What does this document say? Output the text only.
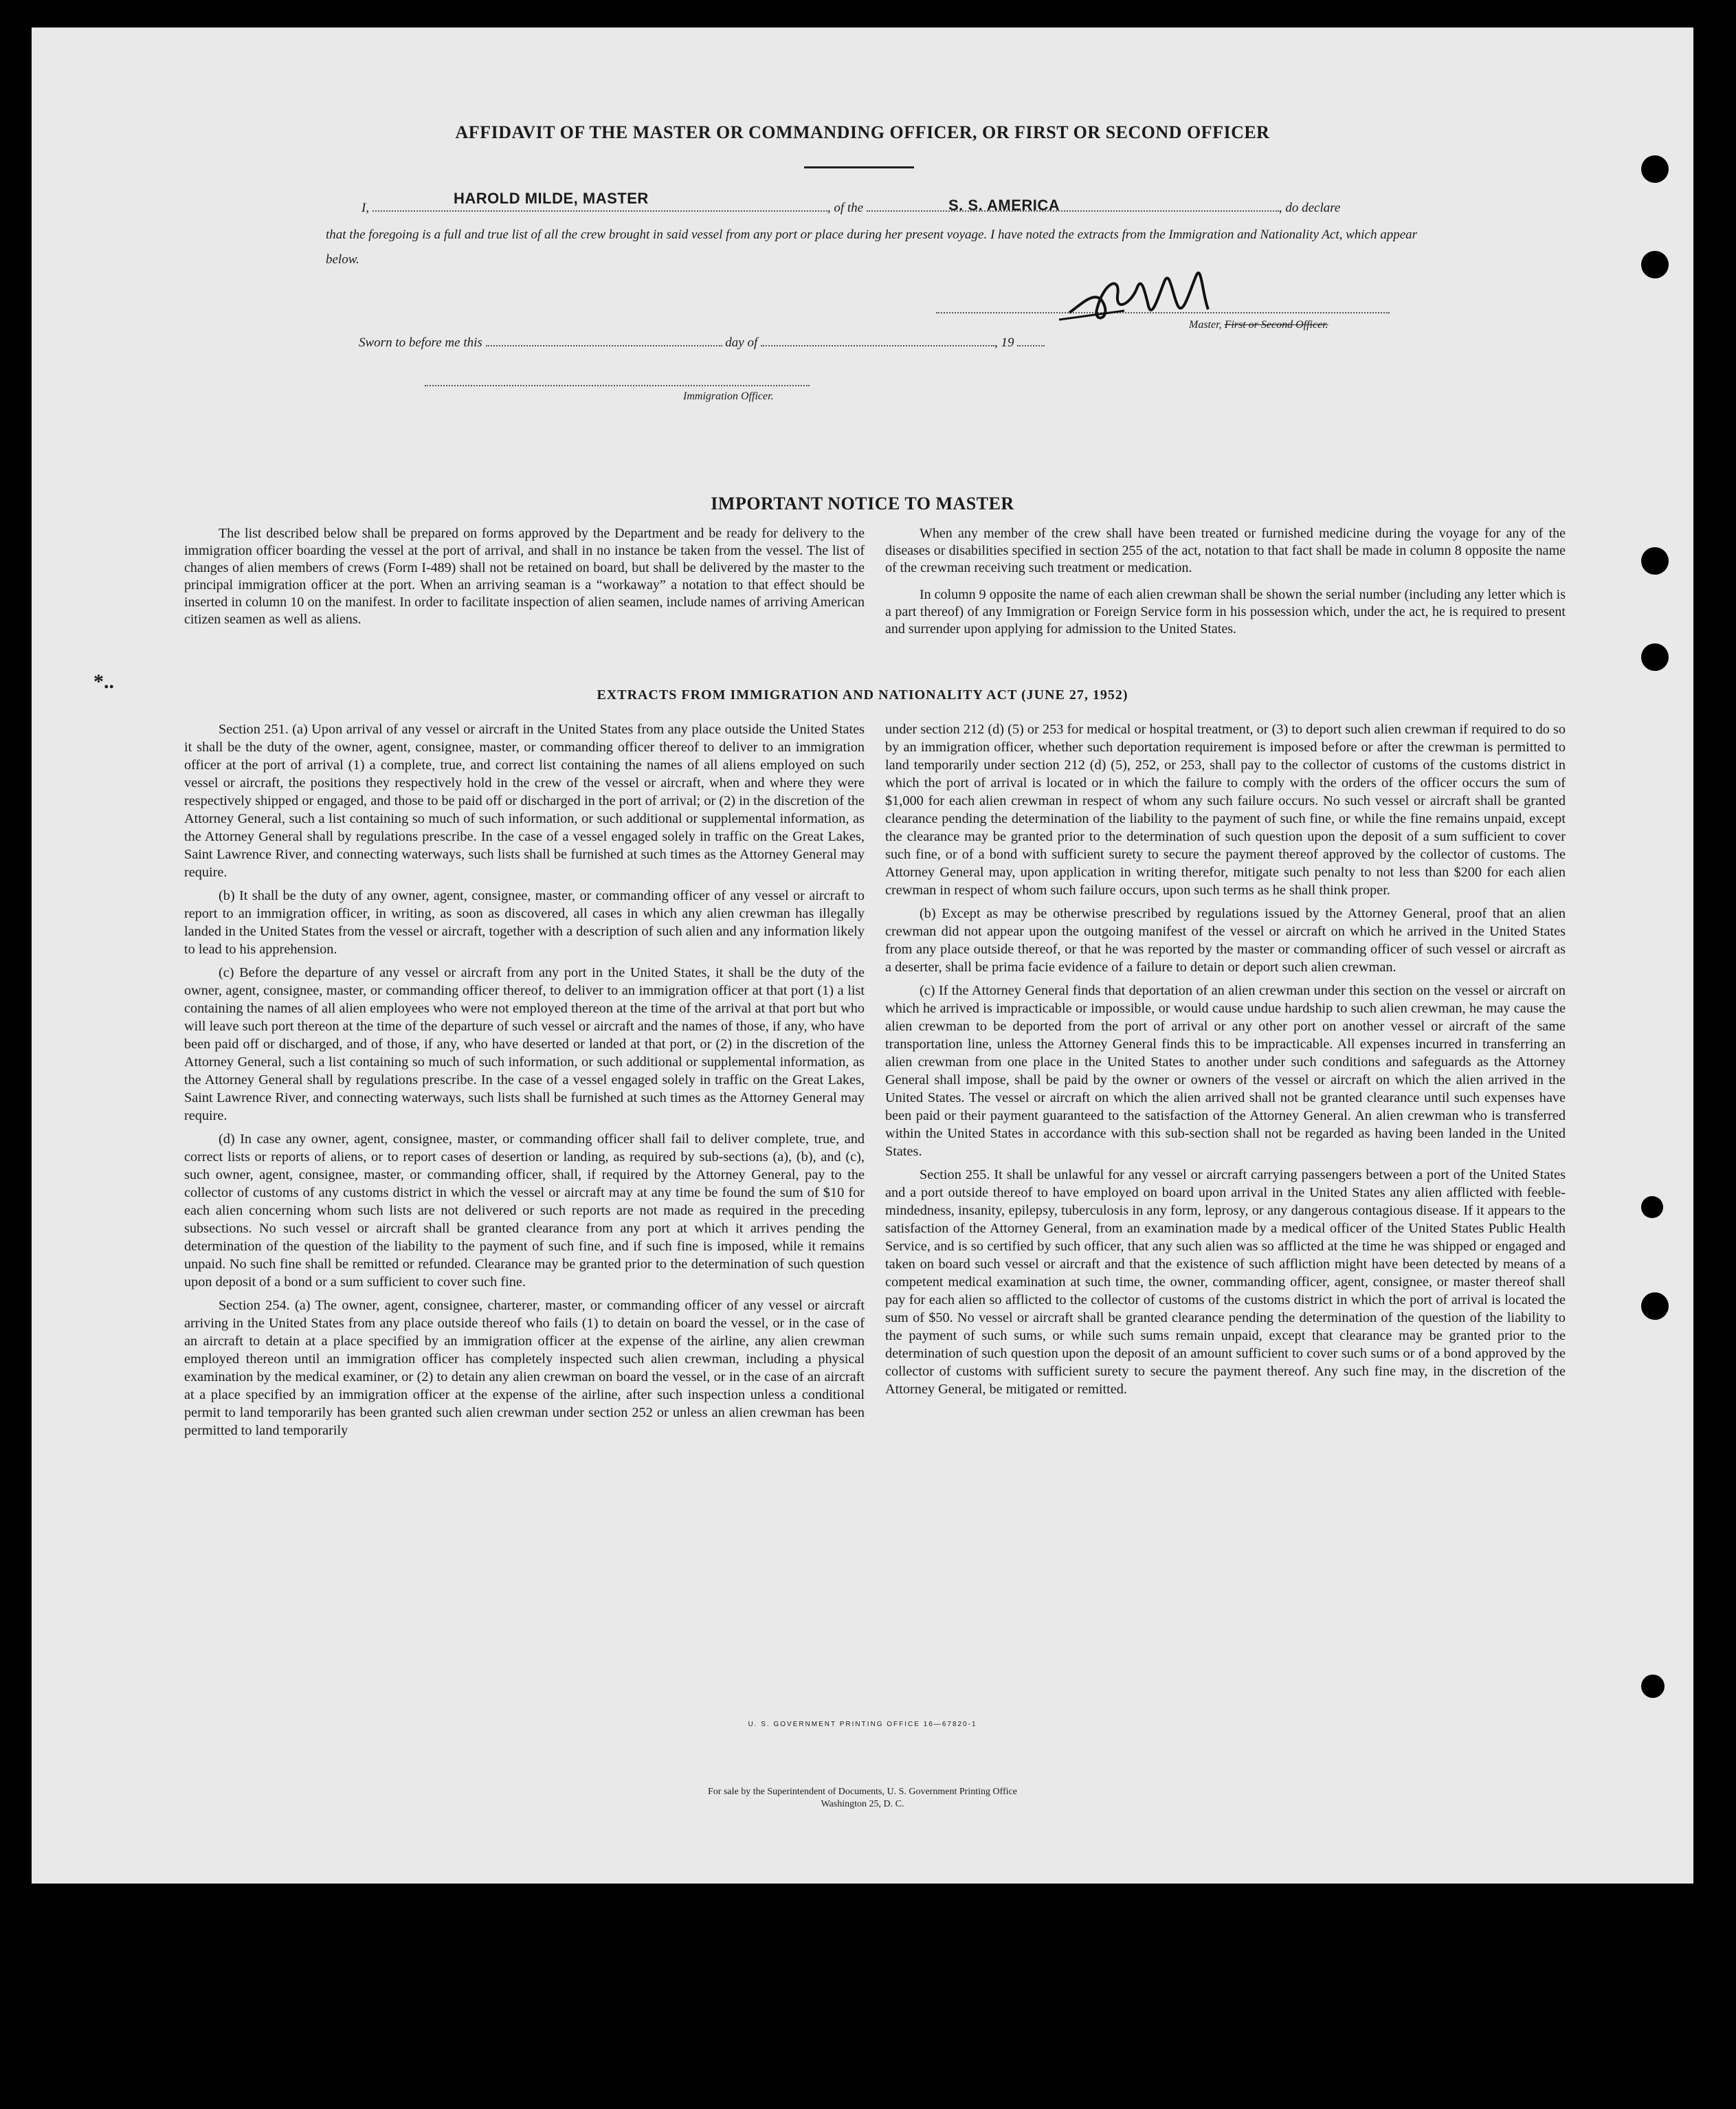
AFFIDAVIT OF THE MASTER OR COMMANDING OFFICER, OR FIRST OR SECOND OFFICER
I,	, of the	, do declare
HAROLD MILDE, MASTER	S. S. AMERICA
that the foregoing is a full and true list of all the crew brought in said vessel from any port or place during her present voyage. I have noted the extracts from the Immigration and Nationality Act, which appear below.
Master, First or Second Officer.
Sworn to before me this	day of	, 19
Immigration Officer.
IMPORTANT NOTICE TO MASTER

The list described below shall be prepared on forms approved by the Department and be ready for delivery to the immigration officer boarding the vessel at the port of arrival, and shall in no instance be taken from the vessel. The list of changes of alien members of crews (Form I-489) shall not be retained on board, but shall be delivered by the master to the principal immigration officer at the port. When an arriving seaman is a “workaway” a notation to that effect should be inserted in column 10 on the manifest. In order to facilitate inspection of alien seamen, include names of arriving American citizen seamen as well as aliens.

When any member of the crew shall have been treated or furnished medicine during the voyage for any of the diseases or disabilities specified in section 255 of the act, notation to that fact shall be made in column 8 opposite the name of the crewman receiving such treatment or medication.

In column 9 opposite the name of each alien crewman shall be shown the serial number (including any letter which is a part thereof) of any Immigration or Foreign Service form in his possession which, under the act, he is required to present and surrender upon applying for admission to the United States.

*..
EXTRACTS FROM IMMIGRATION AND NATIONALITY ACT (JUNE 27, 1952)

Section 251. (a) Upon arrival of any vessel or aircraft in the United States from any place outside the United States it shall be the duty of the owner, agent, consignee, master, or commanding officer thereof to deliver to an immigration officer at the port of arrival (1) a complete, true, and correct list containing the names of all aliens employed on such vessel or aircraft, the positions they respectively hold in the crew of the vessel or aircraft, when and where they were respectively shipped or engaged, and those to be paid off or discharged in the port of arrival; or (2) in the discretion of the Attorney General, such a list containing so much of such information, or such additional or supplemental information, as the Attorney General shall by regulations prescribe. In the case of a vessel engaged solely in traffic on the Great Lakes, Saint Lawrence River, and connecting waterways, such lists shall be furnished at such times as the Attorney General may require.

(b) It shall be the duty of any owner, agent, consignee, master, or commanding officer of any vessel or aircraft to report to an immigration officer, in writing, as soon as discovered, all cases in which any alien crewman has illegally landed in the United States from the vessel or aircraft, together with a description of such alien and any information likely to lead to his apprehension.

(c) Before the departure of any vessel or aircraft from any port in the United States, it shall be the duty of the owner, agent, consignee, master, or commanding officer thereof, to deliver to an immigration officer at that port (1) a list containing the names of all alien employees who were not employed thereon at the time of the arrival at that port but who will leave such port thereon at the time of the departure of such vessel or aircraft and the names of those, if any, who have been paid off or discharged, and of those, if any, who have deserted or landed at that port, or (2) in the discretion of the Attorney General, such a list containing so much of such information, or such additional or supplemental information, as the Attorney General shall by regulations prescribe. In the case of a vessel engaged solely in traffic on the Great Lakes, Saint Lawrence River, and connecting waterways, such lists shall be furnished at such times as the Attorney General may require.

(d) In case any owner, agent, consignee, master, or commanding officer shall fail to deliver complete, true, and correct lists or reports of aliens, or to report cases of desertion or landing, as required by sub-sections (a), (b), and (c), such owner, agent, consignee, master, or commanding officer, shall, if required by the Attorney General, pay to the collector of customs of any customs district in which the vessel or aircraft may at any time be found the sum of $10 for each alien concerning whom such lists are not delivered or such reports are not made as required in the preceding subsections. No such vessel or aircraft shall be granted clearance from any port at which it arrives pending the determination of the question of the liability to the payment of such fine, and if such fine is imposed, while it remains unpaid. No such fine shall be remitted or refunded. Clearance may be granted prior to the determination of such question upon deposit of a bond or a sum sufficient to cover such fine.

Section 254. (a) The owner, agent, consignee, charterer, master, or commanding officer of any vessel or aircraft arriving in the United States from any place outside thereof who fails (1) to detain on board the vessel, or in the case of an aircraft to detain at a place specified by an immigration officer at the expense of the airline, any alien crewman employed thereon until an immigration officer has completely inspected such alien crewman, including a physical examination by the medical examiner, or (2) to detain any alien crewman on board the vessel, or in the case of an aircraft at a place specified by an immigration officer at the expense of the airline, after such inspection unless a conditional permit to land temporarily has been granted such alien crewman under section 252 or unless an alien crewman has been permitted to land temporarily

under section 212 (d) (5) or 253 for medical or hospital treatment, or (3) to deport such alien crewman if required to do so by an immigration officer, whether such deportation requirement is imposed before or after the crewman is permitted to land temporarily under section 212 (d) (5), 252, or 253, shall pay to the collector of customs of the customs district in which the port of arrival is located or in which the failure to comply with the orders of the officer occurs the sum of $1,000 for each alien crewman in respect of whom any such failure occurs. No such vessel or aircraft shall be granted clearance pending the determination of the liability to the payment of such fine, or while the fine remains unpaid, except the clearance may be granted prior to the determination of such question upon the deposit of a sum sufficient to cover such fine, or of a bond with sufficient surety to secure the payment thereof approved by the collector of customs. The Attorney General may, upon application in writing therefor, mitigate such penalty to not less than $200 for each alien crewman in respect of whom such failure occurs, upon such terms as he shall think proper.

(b) Except as may be otherwise prescribed by regulations issued by the Attorney General, proof that an alien crewman did not appear upon the outgoing manifest of the vessel or aircraft on which he arrived in the United States from any place outside thereof, or that he was reported by the master or commanding officer of such vessel or aircraft as a deserter, shall be prima facie evidence of a failure to detain or deport such alien crewman.

(c) If the Attorney General finds that deportation of an alien crewman under this section on the vessel or aircraft on which he arrived is impracticable or impossible, or would cause undue hardship to such alien crewman, he may cause the alien crewman to be deported from the port of arrival or any other port on another vessel or aircraft of the same transportation line, unless the Attorney General finds this to be impracticable. All expenses incurred in transferring an alien crewman from one place in the United States to another under such conditions and safeguards as the Attorney General shall impose, shall be paid by the owner or owners of the vessel or aircraft on which the alien arrived in the United States. The vessel or aircraft on which the alien arrived shall not be granted clearance until such expenses have been paid or their payment guaranteed to the satisfaction of the Attorney General. An alien crewman who is transferred within the United States in accordance with this sub-section shall not be regarded as having been landed in the United States.

Section 255. It shall be unlawful for any vessel or aircraft carrying passengers between a port of the United States and a port outside thereof to have employed on board upon arrival in the United States any alien afflicted with feeble-mindedness, insanity, epilepsy, tuberculosis in any form, leprosy, or any dangerous contagious disease. If it appears to the satisfaction of the Attorney General, from an examination made by a medical officer of the United States Public Health Service, and is so certified by such officer, that any such alien was so afflicted at the time he was shipped or engaged and taken on board such vessel or aircraft and that the existence of such affliction might have been detected by means of a competent medical examination at such time, the owner, commanding officer, agent, consignee, or master thereof shall pay for each alien so afflicted to the collector of customs of the customs district in which the port of arrival is located the sum of $50. No vessel or aircraft shall be granted clearance pending the determination of the question of the liability to the payment of such sums, or while such sums remain unpaid, except that clearance may be granted prior to the determination of such question upon the deposit of an amount sufficient to cover such sums or of a bond approved by the collector of customs with sufficient surety to secure the payment thereof. Any such fine may, in the discretion of the Attorney General, be mitigated or remitted.

U. S. GOVERNMENT PRINTING OFFICE 16—67820-1
For sale by the Superintendent of Documents, U. S. Government Printing Office
Washington 25, D. C.
